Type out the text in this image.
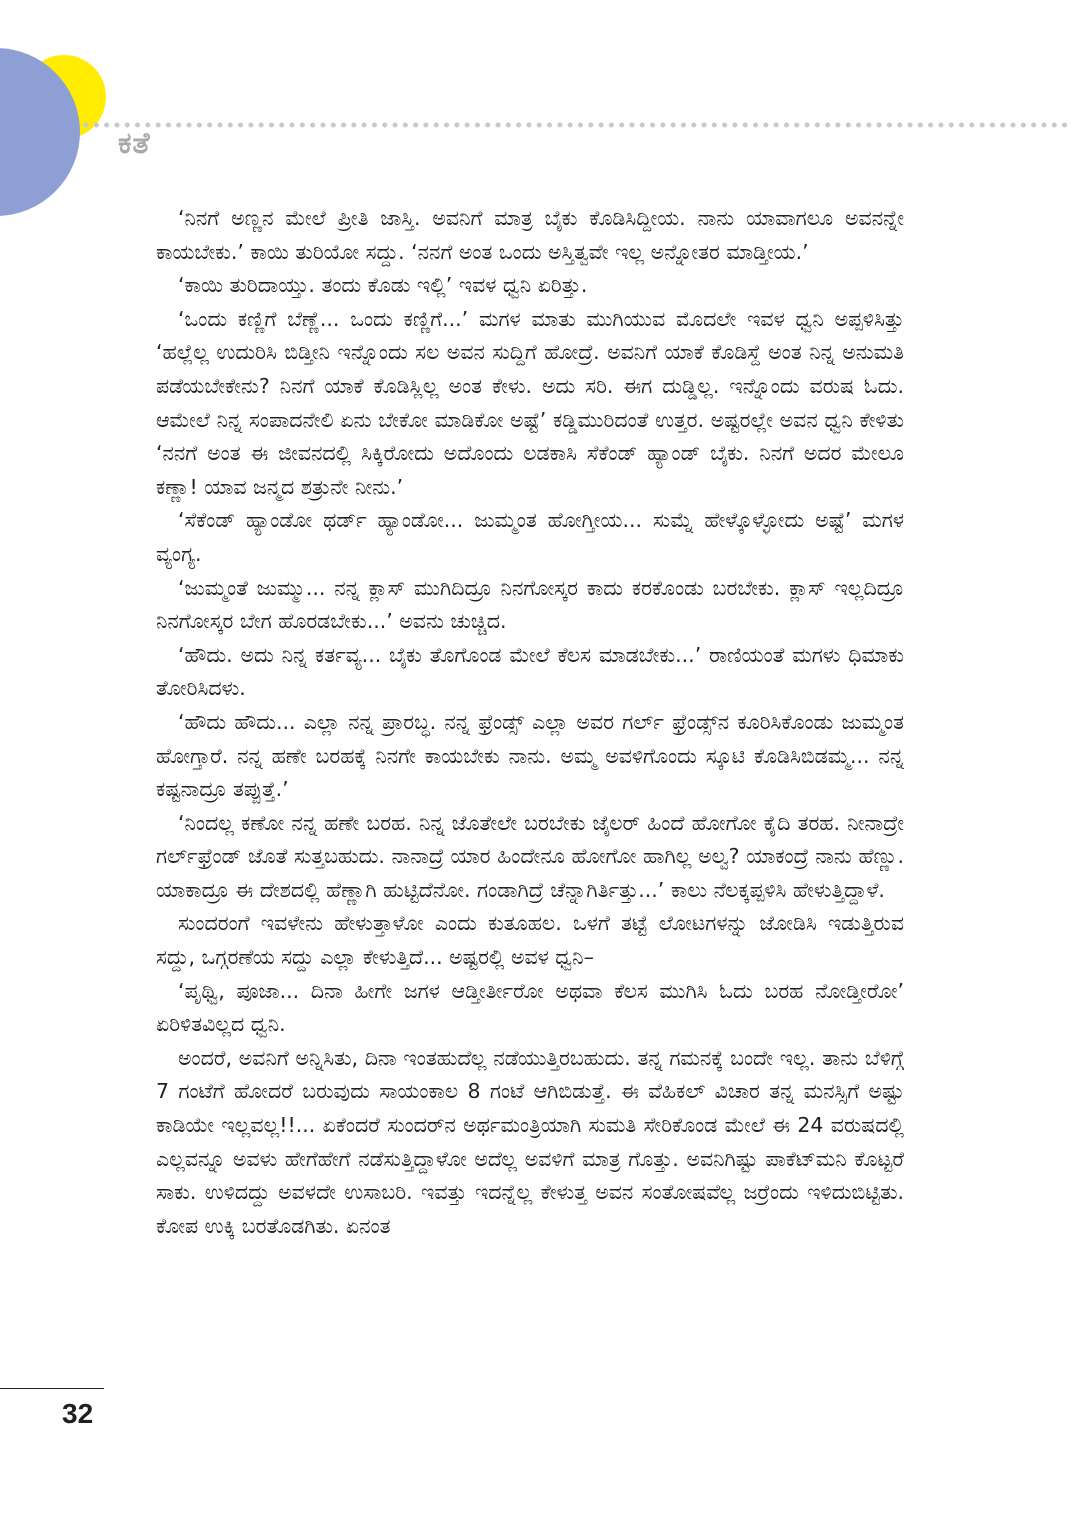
ಕತೆ

‘ನಿನಗೆ ಅಣ್ಣನ ಮೇಲೆ ಪ್ರೀತಿ ಜಾಸ್ತಿ. ಅವನಿಗೆ ಮಾತ್ರ ಬೈಕು ಕೊಡಿಸಿದ್ದೀಯ. ನಾನು ಯಾವಾಗಲೂ ಅವನನ್ನೇ ಕಾಯಬೇಕು.’ ಕಾಯಿ ತುರಿಯೋ ಸದ್ದು. ‘ನನಗೆ ಅಂತ ಒಂದು ಅಸ್ತಿತ್ವವೇ ಇಲ್ಲ ಅನ್ನೋತರ ಮಾಡ್ತೀಯ.’

‘ಕಾಯಿ ತುರಿದಾಯ್ತು. ತಂದು ಕೊಡು ಇಲ್ಲಿ’ ಇವಳ ಧ್ವನಿ ಏರಿತ್ತು.

‘ಒಂದು ಕಣ್ಣಿಗೆ ಬೆಣ್ಣೆ... ಒಂದು ಕಣ್ಣಿಗೆ...’ ಮಗಳ ಮಾತು ಮುಗಿಯುವ ಮೊದಲೇ ಇವಳ ಧ್ವನಿ ಅಪ್ಪಳಿಸಿತ್ತು ‘ಹಲ್ಲೆಲ್ಲ ಉದುರಿಸಿ ಬಿಡ್ತೀನಿ ಇನ್ನೊಂದು ಸಲ ಅವನ ಸುದ್ದಿಗೆ ಹೋದ್ರೆ. ಅವನಿಗೆ ಯಾಕೆ ಕೊಡಿಸ್ದೆ ಅಂತ ನಿನ್ನ ಅನುಮತಿ ಪಡೆಯಬೇಕೇನು? ನಿನಗೆ ಯಾಕೆ ಕೊಡಿಸ್ಲಿಲ್ಲ ಅಂತ ಕೇಳು. ಅದು ಸರಿ. ಈಗ ದುಡ್ಡಿಲ್ಲ. ಇನ್ನೊಂದು ವರುಷ ಓದು. ಆಮೇಲೆ ನಿನ್ನ ಸಂಪಾದನೇಲಿ ಏನು ಬೇಕೋ ಮಾಡಿಕೋ ಅಷ್ಟೆ’ ಕಡ್ಡಿಮುರಿದಂತೆ ಉತ್ತರ. ಅಷ್ಟರಲ್ಲೇ ಅವನ ಧ್ವನಿ ಕೇಳಿತು ‘ನನಗೆ ಅಂತ ಈ ಜೀವನದಲ್ಲಿ ಸಿಕ್ಕಿರೋದು ಅದೊಂದು ಲಡಕಾಸಿ ಸೆಕೆಂಡ್ ಹ್ಯಾಂಡ್ ಬೈಕು. ನಿನಗೆ ಅದರ ಮೇಲೂ ಕಣ್ಣಾ! ಯಾವ ಜನ್ಮದ ಶತ್ರುನೇ ನೀನು.’

‘ಸೆಕೆಂಡ್ ಹ್ಯಾಂಡೋ ಥರ್ಡ್ ಹ್ಯಾಂಡೋ... ಜುಮ್ಮಂತ ಹೋಗ್ತೀಯ... ಸುಮ್ನೆ ಹೇಳ್ಕೊಳ್ಳೋದು ಅಷ್ಟೆ’ ಮಗಳ ವ್ಯಂಗ್ಯ.

‘ಜುಮ್ಮಂತೆ ಜುಮ್ಮು... ನನ್ನ ಕ್ಲಾಸ್ ಮುಗಿದಿದ್ರೂ ನಿನಗೋಸ್ಕರ ಕಾದು ಕರಕೊಂಡು ಬರಬೇಕು. ಕ್ಲಾಸ್ ಇಲ್ಲದಿದ್ರೂ ನಿನಗೋಸ್ಕರ ಬೇಗ ಹೊರಡಬೇಕು...’ ಅವನು ಚುಚ್ಚಿದ.

‘ಹೌದು. ಅದು ನಿನ್ನ ಕರ್ತವ್ಯ... ಬೈಕು ತೊಗೊಂಡ ಮೇಲೆ ಕೆಲಸ ಮಾಡಬೇಕು...’ ರಾಣಿಯಂತೆ ಮಗಳು ಧಿಮಾಕು ತೋರಿಸಿದಳು.

‘ಹೌದು ಹೌದು... ಎಲ್ಲಾ ನನ್ನ ಪ್ರಾರಬ್ಧ. ನನ್ನ ಫ್ರೆಂಡ್ಸ್ ಎಲ್ಲಾ ಅವರ ಗರ್ಲ್ ಫ್ರೆಂಡ್ಸ್‌ನ ಕೂರಿಸಿಕೊಂಡು ಜುಮ್ಮಂತ ಹೋಗ್ತಾರೆ. ನನ್ನ ಹಣೇ ಬರಹಕ್ಕೆ ನಿನಗೇ ಕಾಯಬೇಕು ನಾನು. ಅಮ್ಮ ಅವಳಿಗೊಂದು ಸ್ಕೂಟಿ ಕೊಡಿಸಿಬಿಡಮ್ಮ... ನನ್ನ ಕಷ್ಟನಾದ್ರೂ ತಪ್ಪುತ್ತೆ.’

‘ನಿಂದಲ್ಲ ಕಣೋ ನನ್ನ ಹಣೇ ಬರಹ. ನಿನ್ನ ಜೊತೇಲೇ ಬರಬೇಕು ಜೈಲರ್ ಹಿಂದೆ ಹೋಗೋ ಕೈದಿ ತರಹ. ನೀನಾದ್ರೇ ಗರ್ಲ್‌ಫ್ರೆಂಡ್ ಜೊತೆ ಸುತ್ತಬಹುದು. ನಾನಾದ್ರೆ ಯಾರ ಹಿಂದೇನೂ ಹೋಗೋ ಹಾಗಿಲ್ಲ ಅಲ್ವ? ಯಾಕಂದ್ರೆ ನಾನು ಹೆಣ್ಣು. ಯಾಕಾದ್ರೂ ಈ ದೇಶದಲ್ಲಿ ಹೆಣ್ಣಾಗಿ ಹುಟ್ಟಿದೆನೋ. ಗಂಡಾಗಿದ್ರೆ ಚೆನ್ನಾಗಿರ್ತಿತ್ತು...’ ಕಾಲು ನೆಲಕ್ಕಪ್ಪಳಿಸಿ ಹೇಳುತ್ತಿದ್ದಾಳೆ.

ಸುಂದರಂಗೆ ಇವಳೇನು ಹೇಳುತ್ತಾಳೋ ಎಂದು ಕುತೂಹಲ. ಒಳಗೆ ತಟ್ಟೆ ಲೋಟಗಳನ್ನು ಜೋಡಿಸಿ ಇಡುತ್ತಿರುವ ಸದ್ದು, ಒಗ್ಗರಣೆಯ ಸದ್ದು ಎಲ್ಲಾ ಕೇಳುತ್ತಿದೆ... ಅಷ್ಟರಲ್ಲಿ ಅವಳ ಧ್ವನಿ–

‘ಪೃಥ್ವಿ, ಪೂಜಾ... ದಿನಾ ಹೀಗೇ ಜಗಳ ಆಡ್ತೀರ್ತೀರೋ ಅಥವಾ ಕೆಲಸ ಮುಗಿಸಿ ಓದು ಬರಹ ನೋಡ್ತೀರೋ’ ಏರಿಳಿತವಿಲ್ಲದ ಧ್ವನಿ.

ಅಂದರೆ, ಅವನಿಗೆ ಅನ್ನಿಸಿತು, ದಿನಾ ಇಂತಹುದೆಲ್ಲ ನಡೆಯುತ್ತಿರಬಹುದು. ತನ್ನ ಗಮನಕ್ಕೆ ಬಂದೇ ಇಲ್ಲ. ತಾನು ಬೆಳಿಗ್ಗೆ 7 ಗಂಟೆಗೆ ಹೋದರೆ ಬರುವುದು ಸಾಯಂಕಾಲ 8 ಗಂಟೆ ಆಗಿಬಿಡುತ್ತೆ. ಈ ವೆಹಿಕಲ್ ವಿಚಾರ ತನ್ನ ಮನಸ್ಸಿಗೆ ಅಷ್ಟು ಕಾಡಿಯೇ ಇಲ್ಲವಲ್ಲ!!... ಏಕೆಂದರೆ ಸುಂದರ್‌ನ ಅರ್ಥಮಂತ್ರಿಯಾಗಿ ಸುಮತಿ ಸೇರಿಕೊಂಡ ಮೇಲೆ ಈ 24 ವರುಷದಲ್ಲಿ ಎಲ್ಲವನ್ನೂ ಅವಳು ಹೇಗೆಹೇಗೆ ನಡೆಸುತ್ತಿದ್ದಾಳೋ ಅದೆಲ್ಲ ಅವಳಿಗೆ ಮಾತ್ರ ಗೊತ್ತು. ಅವನಿಗಿಷ್ಟು ಪಾಕೆಟ್‌ಮನಿ ಕೊಟ್ಟರೆ ಸಾಕು. ಉಳಿದದ್ದು ಅವಳದೇ ಉಸಾಬರಿ. ಇವತ್ತು ಇದನ್ನೆಲ್ಲ ಕೇಳುತ್ತ ಅವನ ಸಂತೋಷವೆಲ್ಲ ಜರ್ರೆಂದು ಇಳಿದುಬಿಟ್ಟಿತು. ಕೋಪ ಉಕ್ಕಿ ಬರತೊಡಗಿತು. ಏನಂತ

32
